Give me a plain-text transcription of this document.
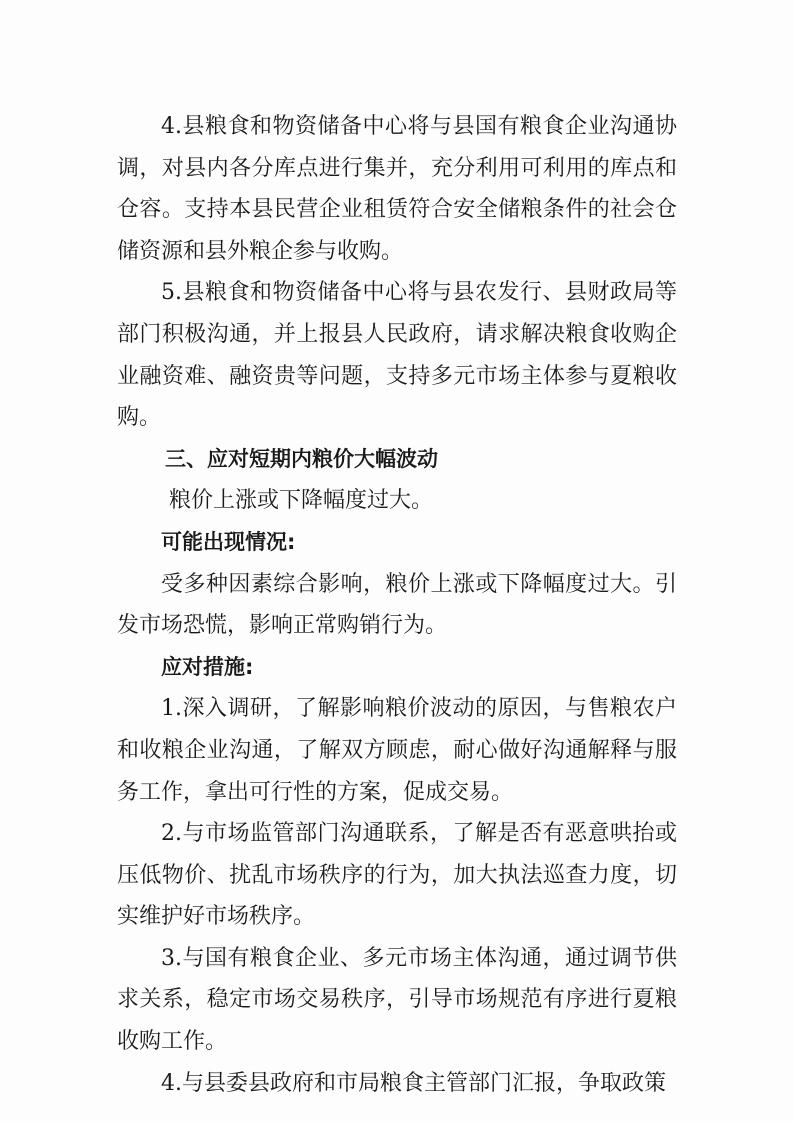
4.县粮食和物资储备中心将与县国有粮食企业沟通协调，对县内各分库点进行集并，充分利用可利用的库点和仓容。支持本县民营企业租赁符合安全储粮条件的社会仓储资源和县外粮企参与收购。

5.县粮食和物资储备中心将与县农发行、县财政局等部门积极沟通，并上报县人民政府，请求解决粮食收购企业融资难、融资贵等问题，支持多元市场主体参与夏粮收购。

三、应对短期内粮价大幅波动

粮价上涨或下降幅度过大。

可能出现情况:

受多种因素综合影响，粮价上涨或下降幅度过大。引发市场恐慌，影响正常购销行为。

应对措施:

1.深入调研，了解影响粮价波动的原因，与售粮农户和收粮企业沟通，了解双方顾虑，耐心做好沟通解释与服务工作，拿出可行性的方案，促成交易。

2.与市场监管部门沟通联系，了解是否有恶意哄抬或压低物价、扰乱市场秩序的行为，加大执法巡查力度，切实维护好市场秩序。

3.与国有粮食企业、多元市场主体沟通，通过调节供求关系，稳定市场交易秩序，引导市场规范有序进行夏粮收购工作。

4.与县委县政府和市局粮食主管部门汇报，争取政策
